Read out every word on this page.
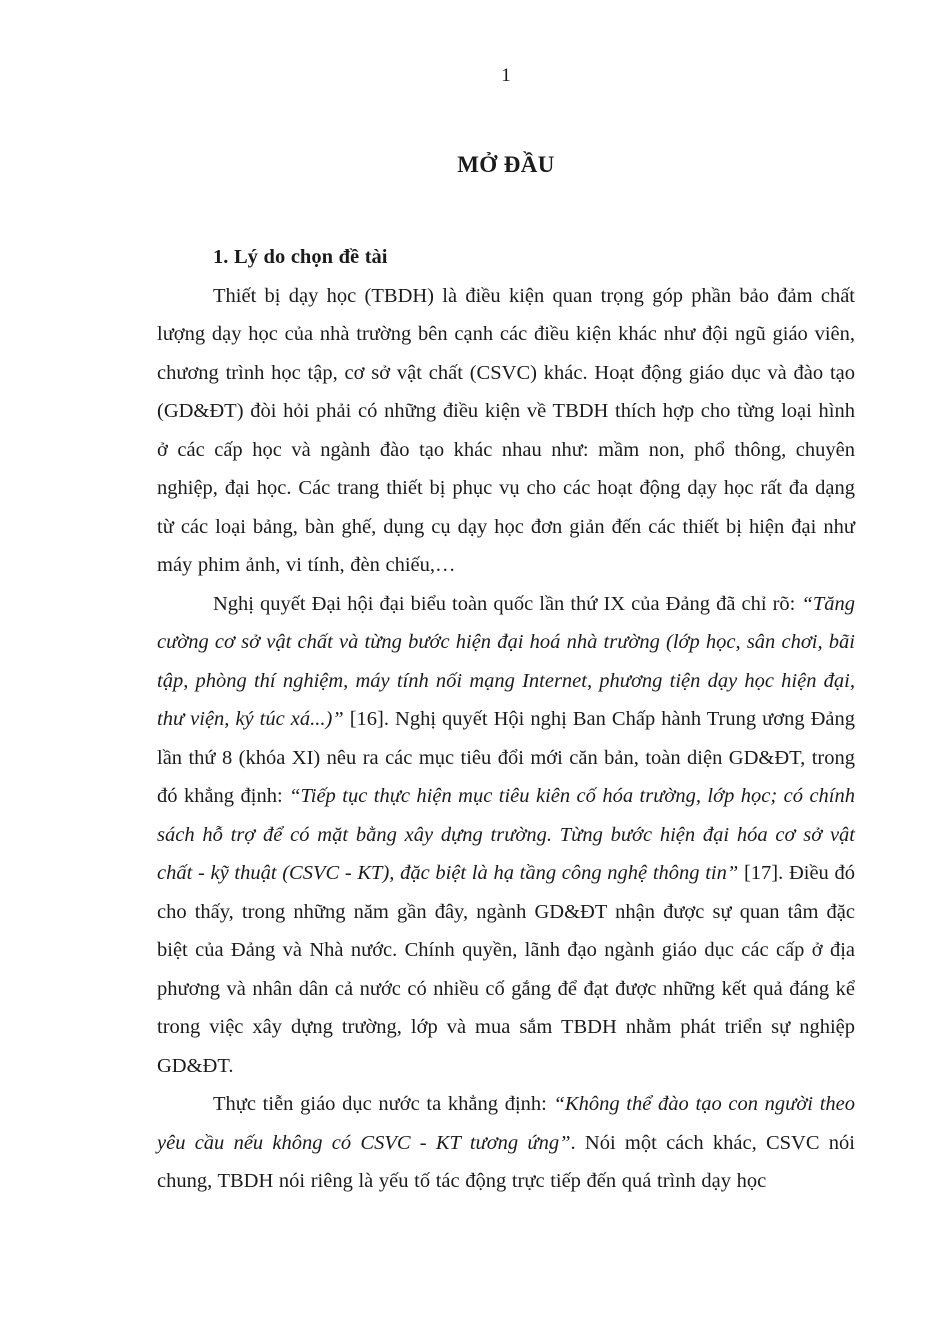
1
MỞ ĐẦU

1. Lý do chọn đề tài

Thiết bị dạy học (TBDH) là điều kiện quan trọng góp phần bảo đảm chất lượng dạy học của nhà trường bên cạnh các điều kiện khác như đội ngũ giáo viên, chương trình học tập, cơ sở vật chất (CSVC) khác. Hoạt động giáo dục và đào tạo (GD&ĐT) đòi hỏi phải có những điều kiện về TBDH thích hợp cho từng loại hình ở các cấp học và ngành đào tạo khác nhau như: mầm non, phổ thông, chuyên nghiệp, đại học. Các trang thiết bị phục vụ cho các hoạt động dạy học rất đa dạng từ các loại bảng, bàn ghế, dụng cụ dạy học đơn giản đến các thiết bị hiện đại như máy phim ảnh, vi tính, đèn chiếu,…

Nghị quyết Đại hội đại biểu toàn quốc lần thứ IX của Đảng đã chỉ rõ: “Tăng cường cơ sở vật chất và từng bước hiện đại hoá nhà trường (lớp học, sân chơi, bãi tập, phòng thí nghiệm, máy tính nối mạng Internet, phương tiện dạy học hiện đại, thư viện, ký túc xá...)” [16]. Nghị quyết Hội nghị Ban Chấp hành Trung ương Đảng lần thứ 8 (khóa XI) nêu ra các mục tiêu đổi mới căn bản, toàn diện GD&ĐT, trong đó khẳng định: “Tiếp tục thực hiện mục tiêu kiên cố hóa trường, lớp học; có chính sách hỗ trợ để có mặt bằng xây dựng trường. Từng bước hiện đại hóa cơ sở vật chất - kỹ thuật (CSVC - KT), đặc biệt là hạ tầng công nghệ thông tin” [17]. Điều đó cho thấy, trong những năm gần đây, ngành GD&ĐT nhận được sự quan tâm đặc biệt của Đảng và Nhà nước. Chính quyền, lãnh đạo ngành giáo dục các cấp ở địa phương và nhân dân cả nước có nhiều cố gắng để đạt được những kết quả đáng kể trong việc xây dựng trường, lớp và mua sắm TBDH nhằm phát triển sự nghiệp GD&ĐT.

Thực tiễn giáo dục nước ta khẳng định: “Không thể đào tạo con người theo yêu cầu nếu không có CSVC - KT tương ứng”. Nói một cách khác, CSVC nói chung, TBDH nói riêng là yếu tố tác động trực tiếp đến quá trình dạy học
